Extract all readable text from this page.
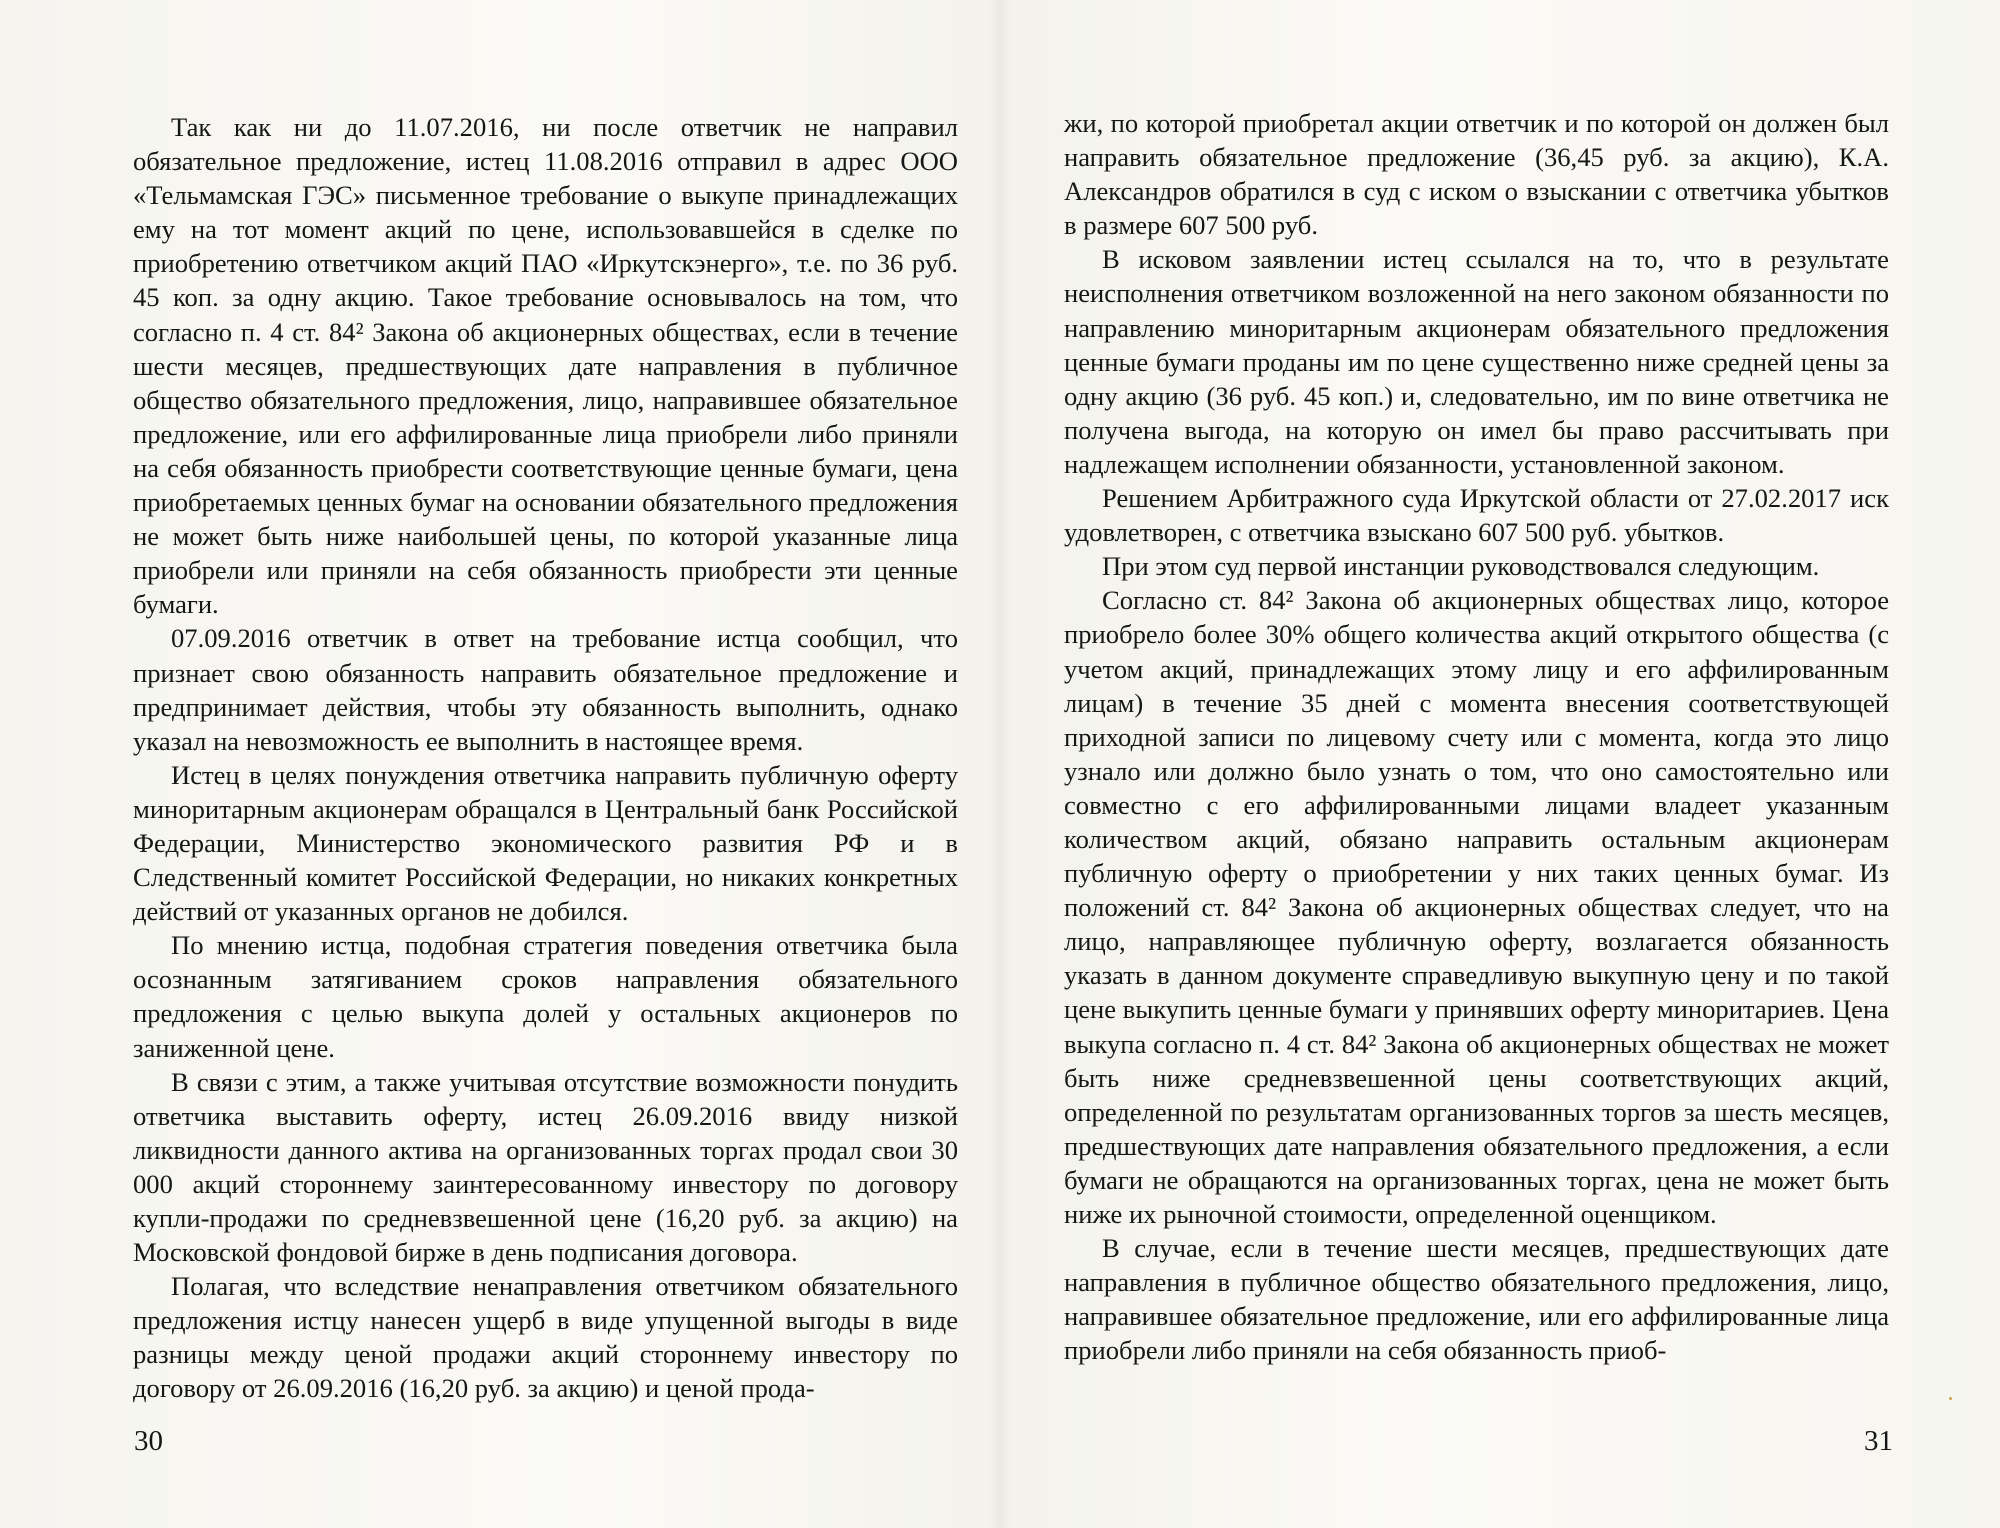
Так как ни до 11.07.2016, ни после ответчик не направил обязательное предложение, истец 11.08.2016 отправил в адрес ООО «Тельмамская ГЭС» письменное требование о выкупе принадлежащих ему на тот момент акций по цене, использовавшейся в сделке по приобретению ответчиком акций ПАО «Иркутскэнерго», т.е. по 36 руб. 45 коп. за одну акцию. Такое требование основывалось на том, что согласно п. 4 ст. 84² Закона об акционерных обществах, если в течение шести месяцев, предшествующих дате направления в публичное общество обязательного предложения, лицо, направившее обязательное предложение, или его аффилированные лица приобрели либо приняли на себя обязанность приобрести соответствующие ценные бумаги, цена приобретаемых ценных бумаг на основании обязательного предложения не может быть ниже наибольшей цены, по которой указанные лица приобрели или приняли на себя обязанность приобрести эти ценные бумаги.

07.09.2016 ответчик в ответ на требование истца сообщил, что признает свою обязанность направить обязательное предложение и предпринимает действия, чтобы эту обязанность выполнить, однако указал на невозможность ее выполнить в настоящее время.

Истец в целях понуждения ответчика направить публичную оферту миноритарным акционерам обращался в Центральный банк Российской Федерации, Министерство экономического развития РФ и в Следственный комитет Российской Федерации, но никаких конкретных действий от указанных органов не добился.

По мнению истца, подобная стратегия поведения ответчика была осознанным затягиванием сроков направления обязательного предложения с целью выкупа долей у остальных акционеров по заниженной цене.

В связи с этим, а также учитывая отсутствие возможности понудить ответчика выставить оферту, истец 26.09.2016 ввиду низкой ликвидности данного актива на организованных торгах продал свои 30 000 акций стороннему заинтересованному инвестору по договору купли-продажи по средневзвешенной цене (16,20 руб. за акцию) на Московской фондовой бирже в день подписания договора.

Полагая, что вследствие ненаправления ответчиком обязательного предложения истцу нанесен ущерб в виде упущенной выгоды в виде разницы между ценой продажи акций стороннему инвестору по договору от 26.09.2016 (16,20 руб. за акцию) и ценой прода-

30

жи, по которой приобретал акции ответчик и по которой он должен был направить обязательное предложение (36,45 руб. за акцию), К.А. Александров обратился в суд с иском о взыскании с ответчика убытков в размере 607 500 руб.

В исковом заявлении истец ссылался на то, что в результате неисполнения ответчиком возложенной на него законом обязанности по направлению миноритарным акционерам обязательного предложения ценные бумаги проданы им по цене существенно ниже средней цены за одну акцию (36 руб. 45 коп.) и, следовательно, им по вине ответчика не получена выгода, на которую он имел бы право рассчитывать при надлежащем исполнении обязанности, установленной законом.

Решением Арбитражного суда Иркутской области от 27.02.2017 иск удовлетворен, с ответчика взыскано 607 500 руб. убытков.

При этом суд первой инстанции руководствовался следующим.

Согласно ст. 84² Закона об акционерных обществах лицо, которое приобрело более 30% общего количества акций открытого общества (с учетом акций, принадлежащих этому лицу и его аффилированным лицам) в течение 35 дней с момента внесения соответствующей приходной записи по лицевому счету или с момента, когда это лицо узнало или должно было узнать о том, что оно самостоятельно или совместно с его аффилированными лицами владеет указанным количеством акций, обязано направить остальным акционерам публичную оферту о приобретении у них таких ценных бумаг. Из положений ст. 84² Закона об акционерных обществах следует, что на лицо, направляющее публичную оферту, возлагается обязанность указать в данном документе справедливую выкупную цену и по такой цене выкупить ценные бумаги у принявших оферту миноритариев. Цена выкупа согласно п. 4 ст. 84² Закона об акционерных обществах не может быть ниже средневзвешенной цены соответствующих акций, определенной по результатам организованных торгов за шесть месяцев, предшествующих дате направления обязательного предложения, а если бумаги не обращаются на организованных торгах, цена не может быть ниже их рыночной стоимости, определенной оценщиком.

В случае, если в течение шести месяцев, предшествующих дате направления в публичное общество обязательного предложения, лицо, направившее обязательное предложение, или его аффилированные лица приобрели либо приняли на себя обязанность приоб-

31
